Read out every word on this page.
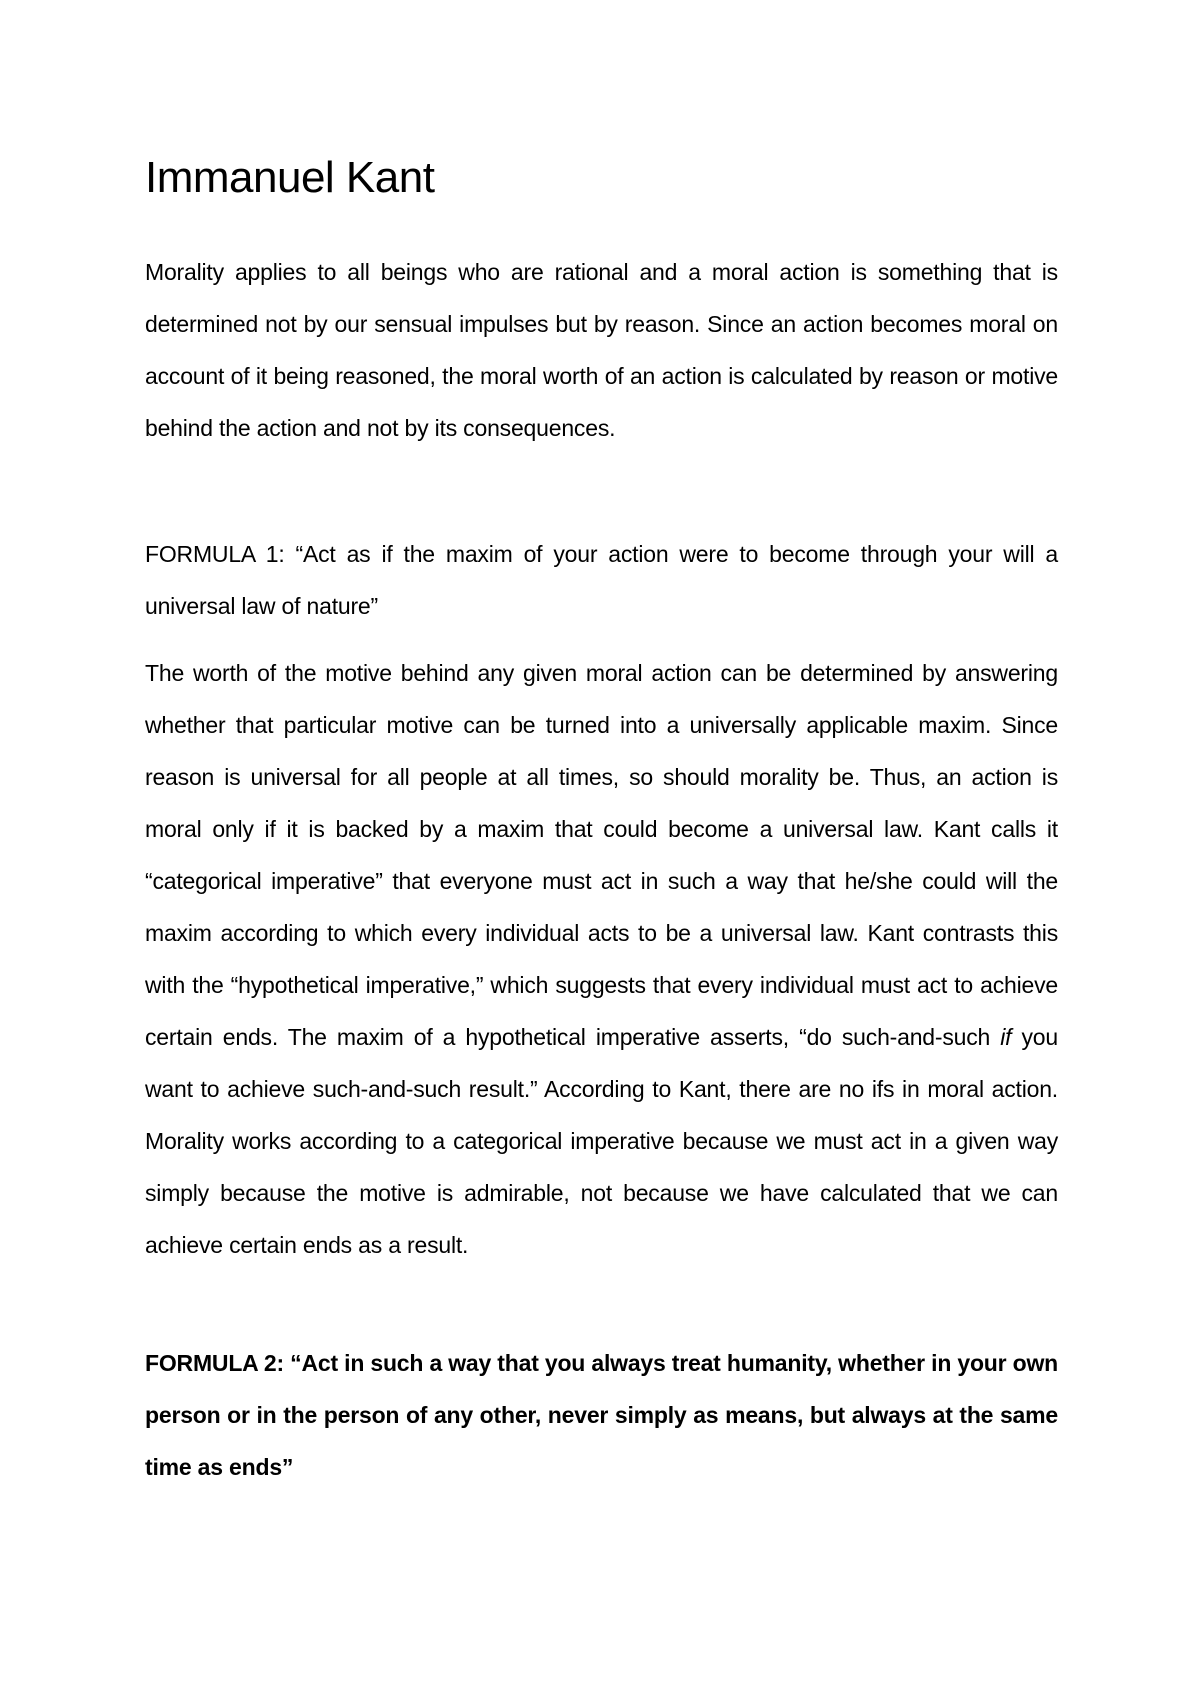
Immanuel Kant

Morality applies to all beings who are rational and a moral action is something that is determined not by our sensual impulses but by reason. Since an action becomes moral on account of it being reasoned, the moral worth of an action is calculated by reason or motive behind the action and not by its consequences.

FORMULA 1: “Act as if the maxim of your action were to become through your will a universal law of nature”

The worth of the motive behind any given moral action can be determined by answering whether that particular motive can be turned into a universally applicable maxim. Since reason is universal for all people at all times, so should morality be. Thus, an action is moral only if it is backed by a maxim that could become a universal law. Kant calls it “categorical imperative” that everyone must act in such a way that he/she could will the maxim according to which every individual acts to be a universal law. Kant contrasts this with the “hypothetical imperative,” which suggests that every individual must act to achieve certain ends. The maxim of a hypothetical imperative asserts, “do such-and-such if you want to achieve such-and-such result.” According to Kant, there are no ifs in moral action. Morality works according to a categorical imperative because we must act in a given way simply because the motive is admirable, not because we have calculated that we can achieve certain ends as a result.

FORMULA 2: “Act in such a way that you always treat humanity, whether in your own person or in the person of any other, never simply as means, but always at the same time as ends”
